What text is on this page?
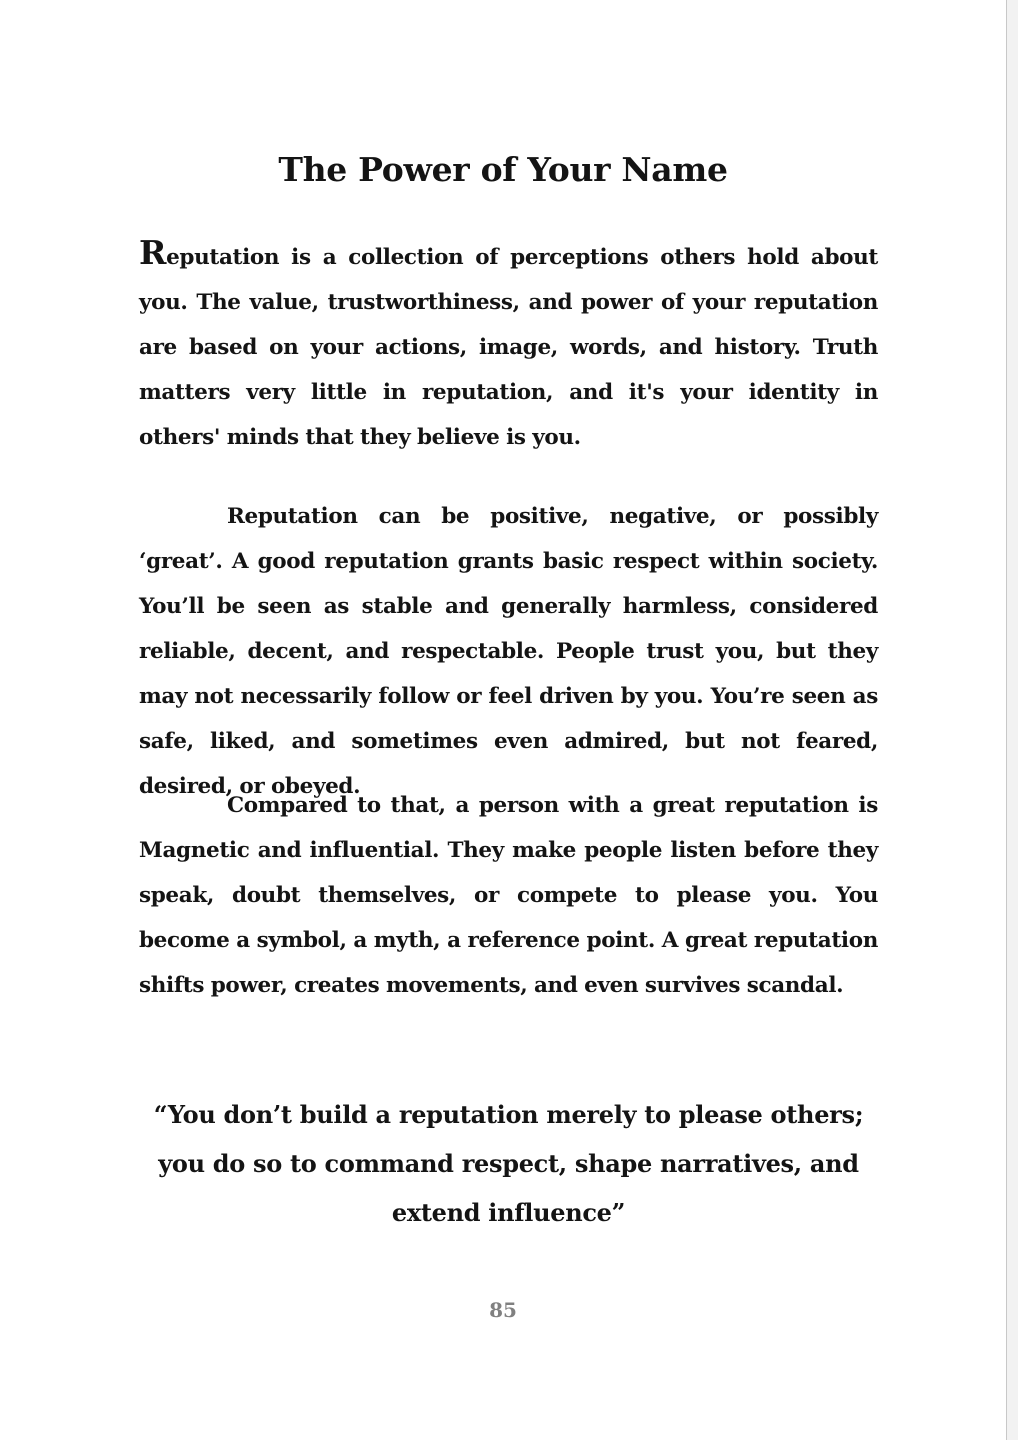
The Power of Your Name

Reputation is a collection of perceptions others hold about you. The value, trustworthiness, and power of your reputation are based on your actions, image, words, and history. Truth matters very little in reputation, and it's your identity in others' minds that they believe is you.

Reputation can be positive, negative, or possibly ‘great’. A good reputation grants basic respect within society. You’ll be seen as stable and generally harmless, considered reliable, decent, and respectable. People trust you, but they may not necessarily follow or feel driven by you. You’re seen as safe, liked, and sometimes even admired, but not feared, desired, or obeyed.

Compared to that, a person with a great reputation is Magnetic and influential. They make people listen before they speak, doubt themselves, or compete to please you. You become a symbol, a myth, a reference point. A great reputation shifts power, creates movements, and even survives scandal.

“You don’t build a reputation merely to please others; you do so to command respect, shape narratives, and extend influence”

85
